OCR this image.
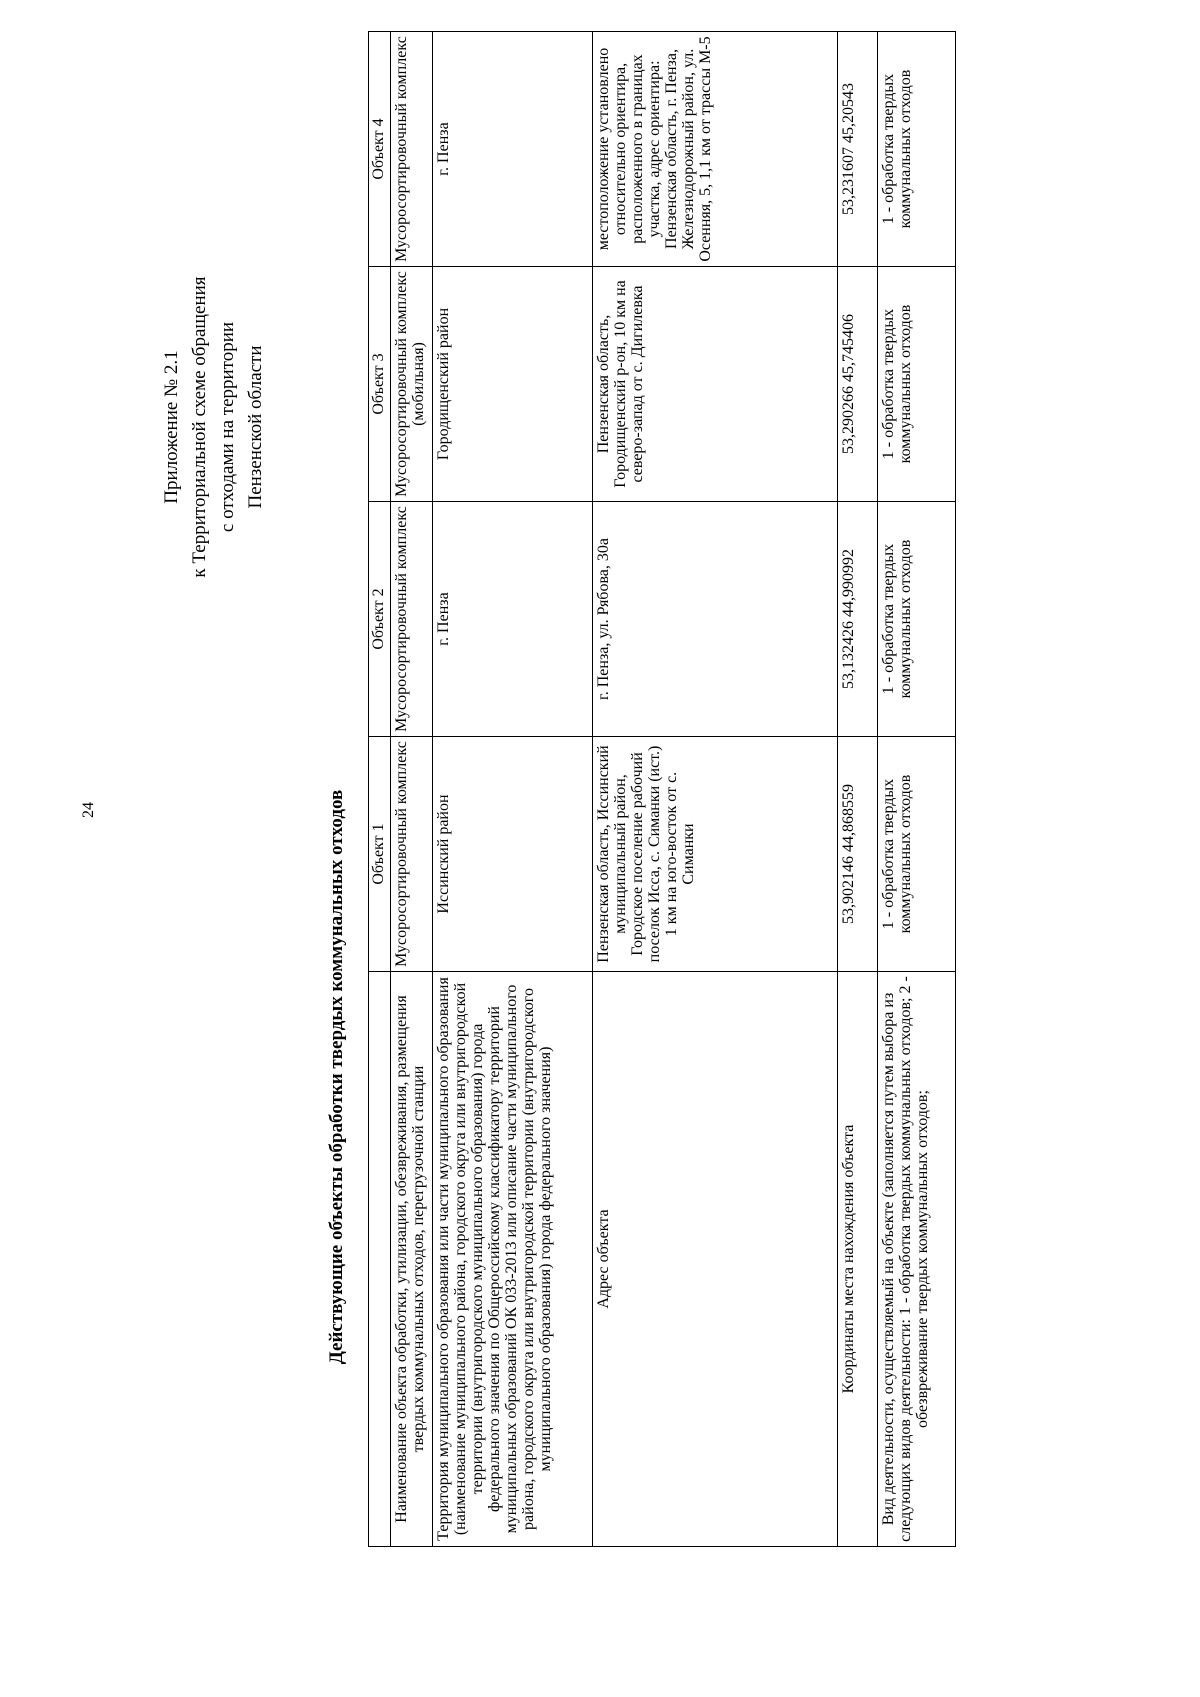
24
Приложение № 2.1 к Территориальной схеме обращения с отходами на территории Пензенской области
Действующие объекты обработки твердых коммунальных отходов
	Объект 1	Объект 2	Объект 3	Объект 4
Наименование объекта обработки, утилизации, обезвреживания, размещения твердых коммунальных отходов, перегрузочной станции	Мусоросортировочный комплекс	Мусоросортировочный комплекс	Мусоросортировочный комплекс (мобильная)	Мусоросортировочный комплекс
Территория муниципального образования или части муниципального образования (наименование муниципального района, городского округа или внутригородской территории (внутригородского муниципального образования) города федерального значения по Общероссийскому классификатору территорий муниципальных образований ОК 033-2013 или описание части муниципального района, городского округа или внутригородской территории (внутригородского муниципального образования) города федерального значения)	Иссинский район	г. Пенза	Городищенский район	г. Пенза
Адрес объекта	Пензенская область, Иссинский муниципальный район, Городское поселение рабочий поселок Исса, с. Симанки (ист.) 1 км на юго-восток от с. Симанки	г. Пенза, ул. Рябова, 30а	Пензенская область, Городищенский р-он, 10 км на северо-запад от с. Дигилевка	местоположение установлено относительно ориентира, расположенного в границах участка, адрес ориентира: Пензенская область, г. Пенза, Железнодорожный район, ул. Осенняя, 5, 1,1 км от трассы М-5
Координаты места нахождения объекта	53,902146 44,868559	53,132426 44,990992	53,290266 45,745406	53,231607 45,20543
Вид деятельности, осуществляемый на объекте (заполняется путем выбора из следующих видов деятельности: 1 - обработка твердых коммунальных отходов; 2 - обезвреживание твердых коммунальных отходов;	1 - обработка твердых коммунальных отходов	1 - обработка твердых коммунальных отходов	1 - обработка твердых коммунальных отходов	1 - обработка твердых коммунальных отходов
